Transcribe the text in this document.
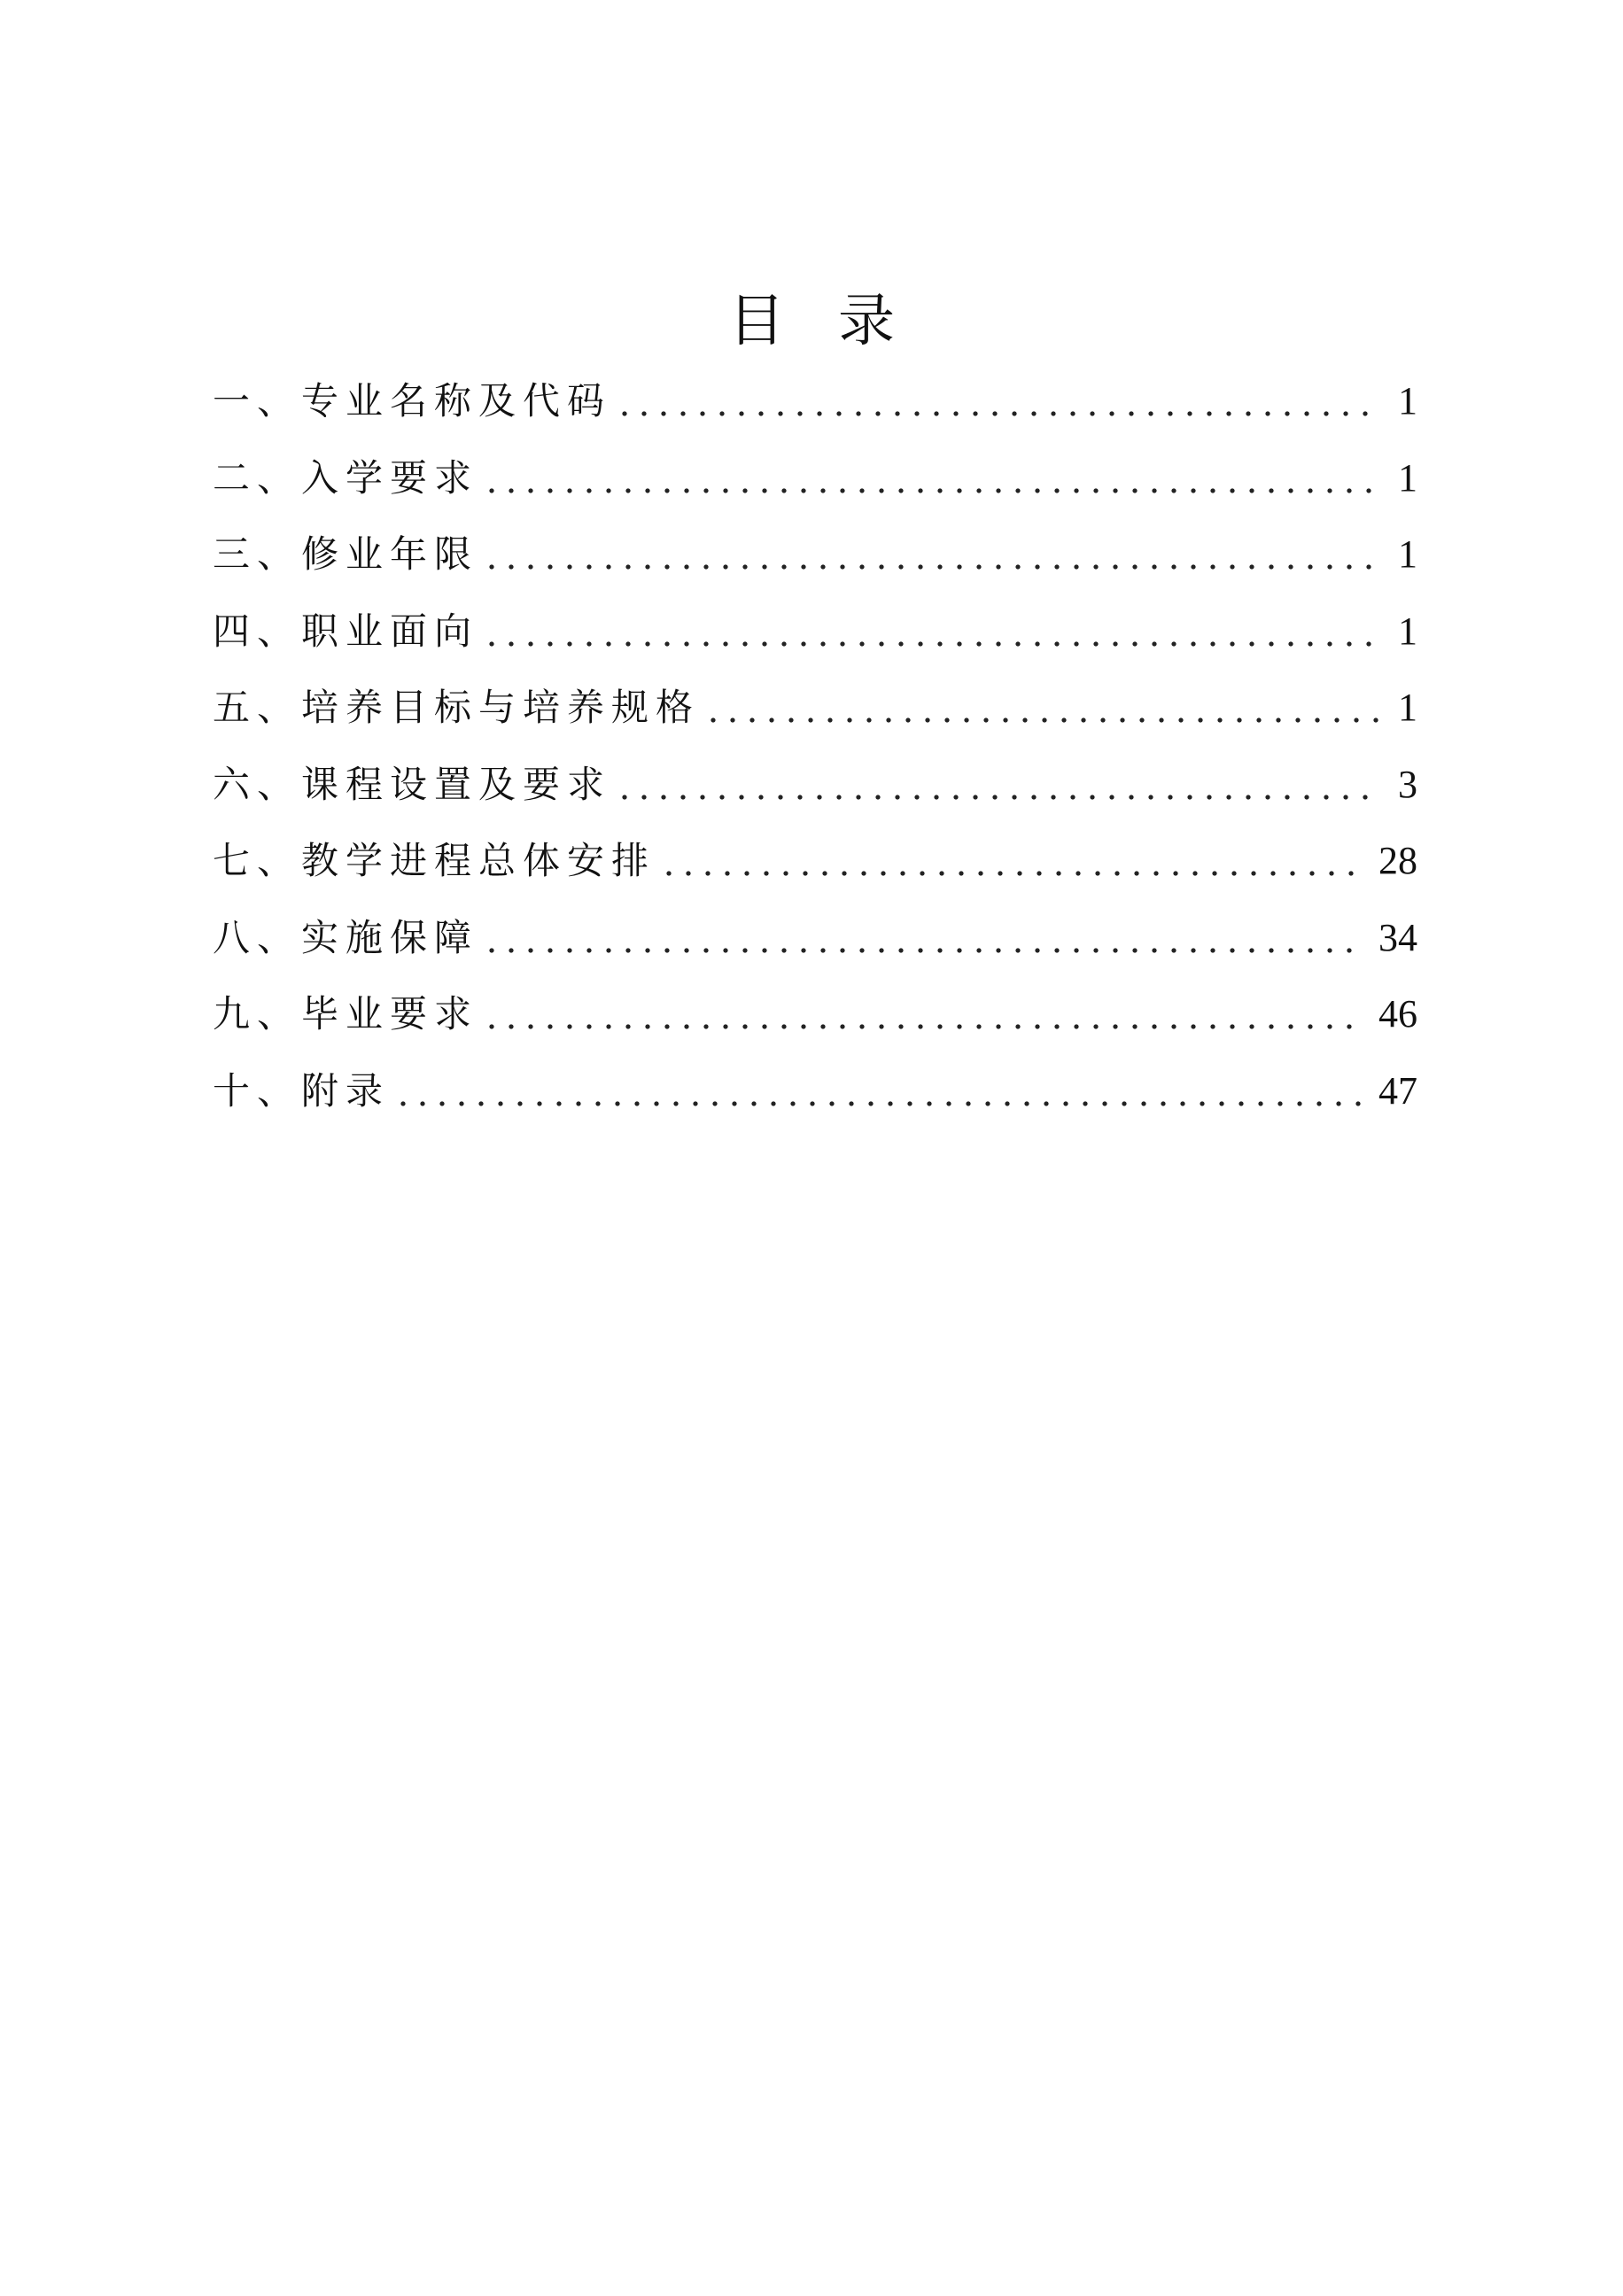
目录
一、专业名称及代码	1
二、入学要求	1
三、修业年限	1
四、职业面向	1
五、培养目标与培养规格	1
六、课程设置及要求	3
七、教学进程总体安排	28
八、实施保障	34
九、毕业要求	46
十、附录	47
